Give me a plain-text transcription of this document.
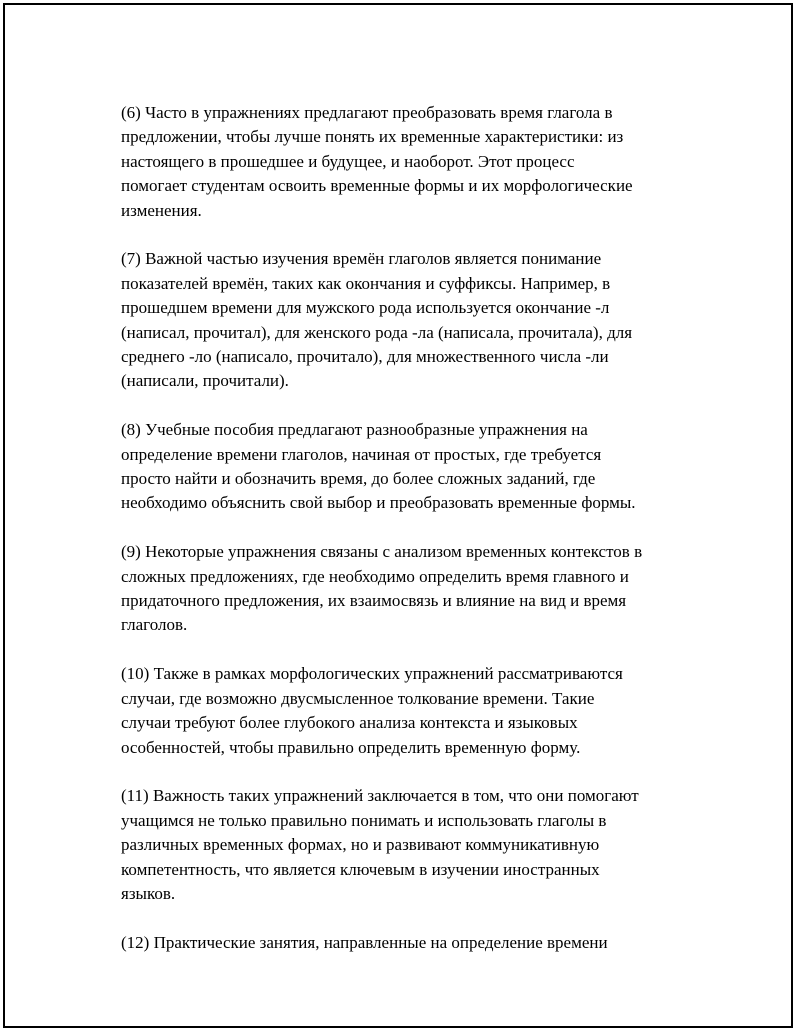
(6) Часто в упражнениях предлагают преобразовать время глагола в
предложении, чтобы лучше понять их временные характеристики: из
настоящего в прошедшее и будущее, и наоборот. Этот процесс
помогает студентам освоить временные формы и их морфологические
изменения.

(7) Важной частью изучения времён глаголов является понимание
показателей времён, таких как окончания и суффиксы. Например, в
прошедшем времени для мужского рода используется окончание -л
(написал, прочитал), для женского рода -ла (написала, прочитала), для
среднего -ло (написало, прочитало), для множественного числа -ли
(написали, прочитали).

(8) Учебные пособия предлагают разнообразные упражнения на
определение времени глаголов, начиная от простых, где требуется
просто найти и обозначить время, до более сложных заданий, где
необходимо объяснить свой выбор и преобразовать временные формы.

(9) Некоторые упражнения связаны с анализом временных контекстов в
сложных предложениях, где необходимо определить время главного и
придаточного предложения, их взаимосвязь и влияние на вид и время
глаголов.

(10) Также в рамках морфологических упражнений рассматриваются
случаи, где возможно двусмысленное толкование времени. Такие
случаи требуют более глубокого анализа контекста и языковых
особенностей, чтобы правильно определить временную форму.

(11) Важность таких упражнений заключается в том, что они помогают
учащимся не только правильно понимать и использовать глаголы в
различных временных формах, но и развивают коммуникативную
компетентность, что является ключевым в изучении иностранных
языков.

(12) Практические занятия, направленные на определение времени
